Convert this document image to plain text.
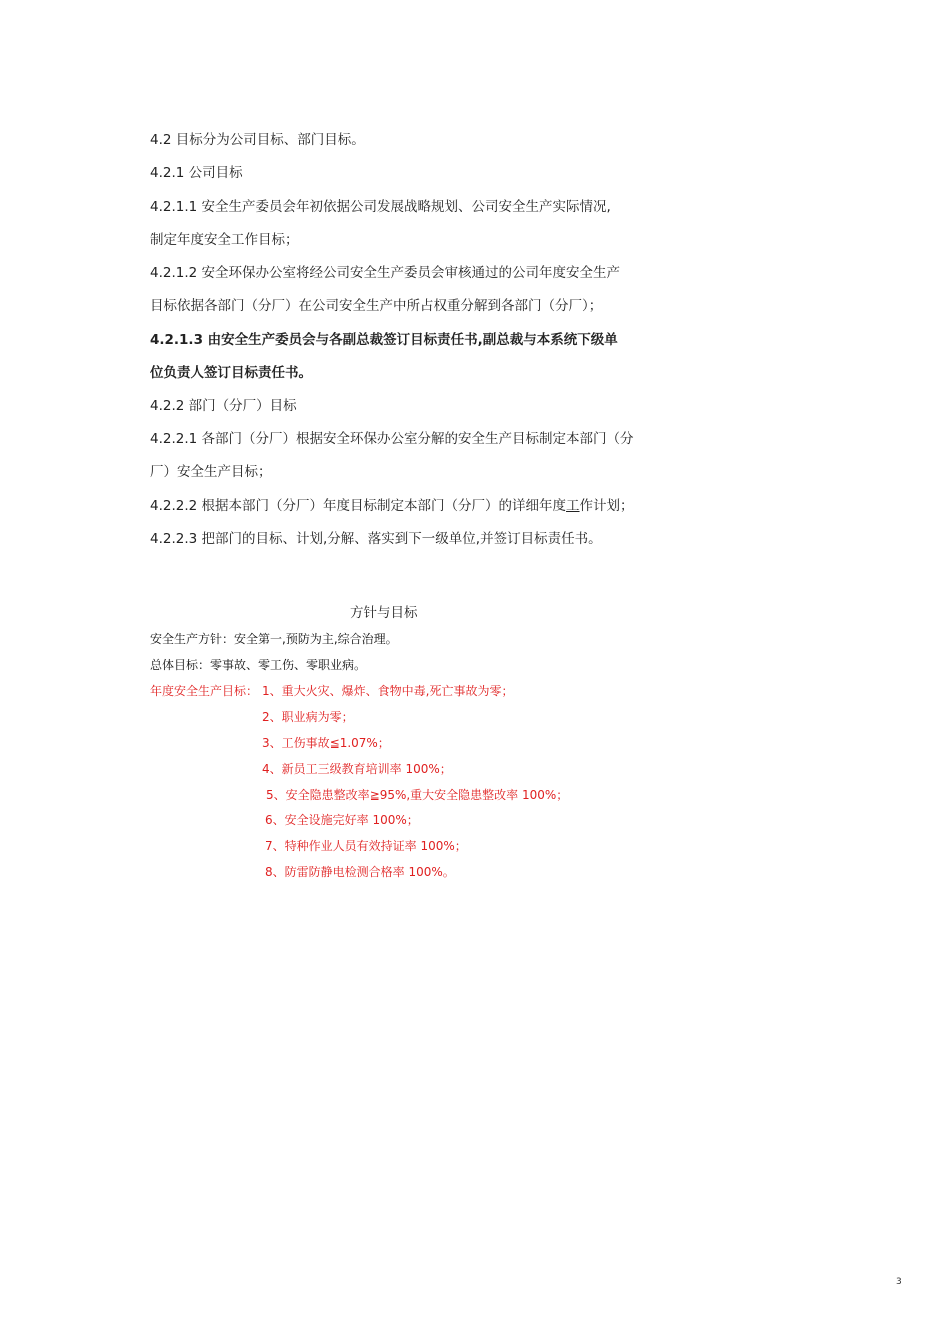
4.2 目标分为公司目标、部门目标。
4.2.1 公司目标
4.2.1.1 安全生产委员会年初依据公司发展战略规划、公司安全生产实际情况,
制定年度安全工作目标；
4.2.1.2 安全环保办公室将经公司安全生产委员会审核通过的公司年度安全生产
目标依据各部门（分厂）在公司安全生产中所占权重分解到各部门（分厂）；
4.2.1.3 由安全生产委员会与各副总裁签订目标责任书,副总裁与本系统下级单
位负责人签订目标责任书。
4.2.2 部门（分厂）目标
4.2.2.1 各部门（分厂）根据安全环保办公室分解的安全生产目标制定本部门（分
厂）安全生产目标；
4.2.2.2 根据本部门（分厂）年度目标制定本部门（分厂）的详细年度工作计划；
4.2.2.3 把部门的目标、计划,分解、落实到下一级单位,并签订目标责任书。
方针与目标
安全生产方针：安全第一,预防为主,综合治理。
总体目标：零事故、零工伤、零职业病。
年度安全生产目标： 1、重大火灾、爆炸、食物中毒,死亡事故为零；
2、职业病为零；
3、工伤事故≦1.07%；
4、新员工三级教育培训率 100%；
5、安全隐患整改率≧95%,重大安全隐患整改率 100%；
6、安全设施完好率 100%；
7、特种作业人员有效持证率 100%；
8、防雷防静电检测合格率 100%。
3
